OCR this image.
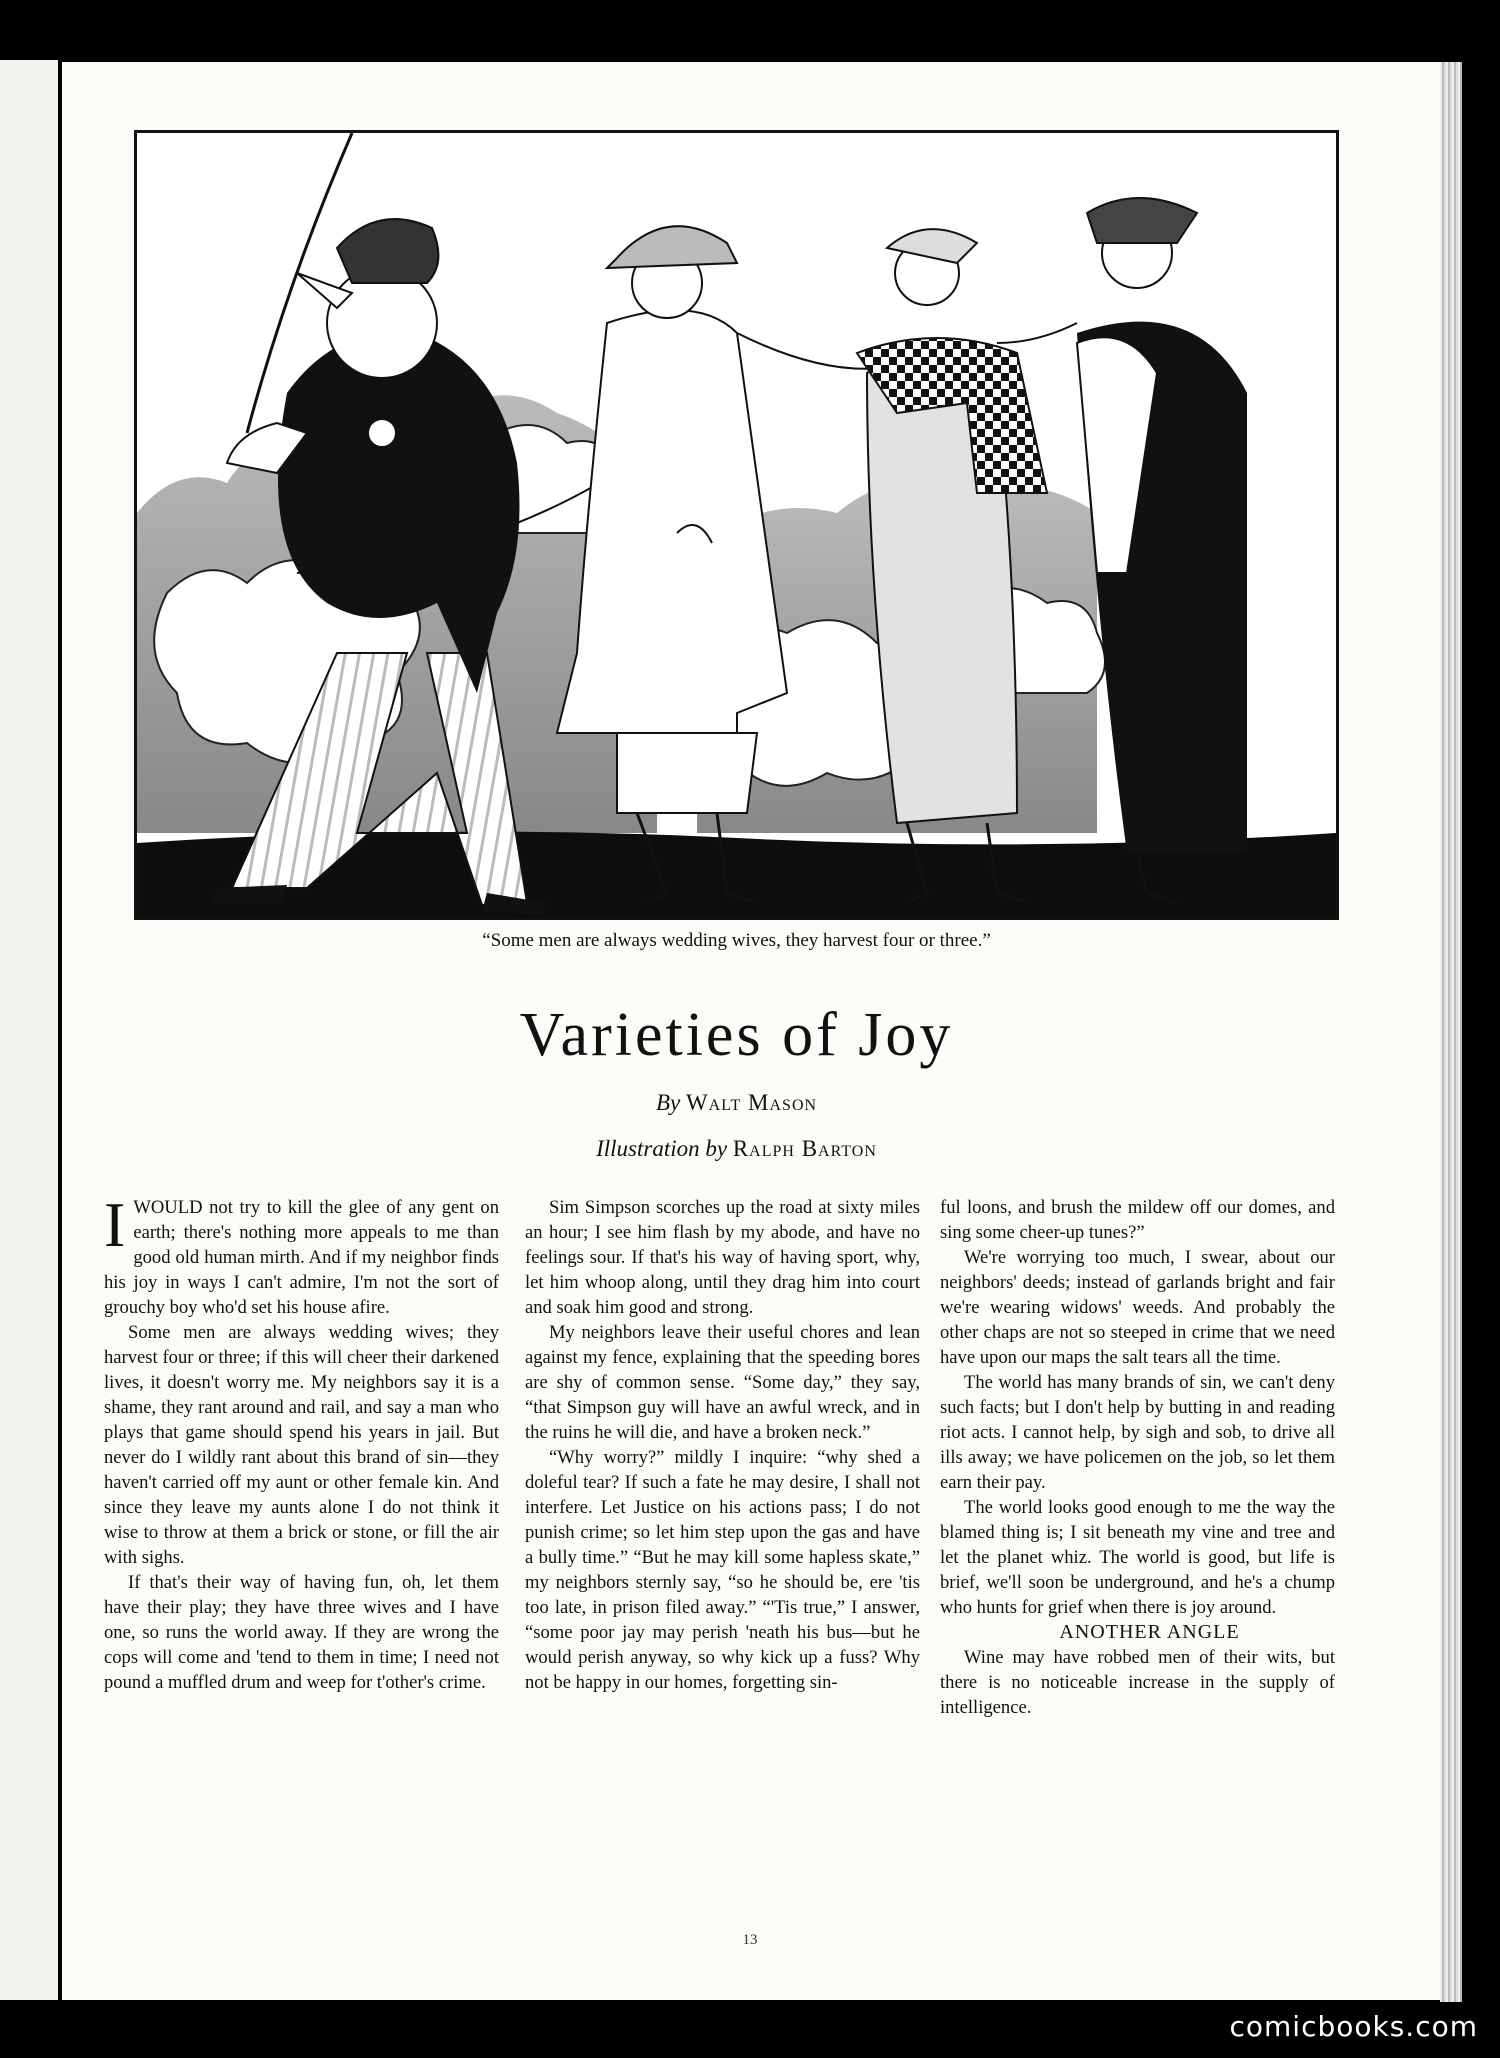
“Some men are always wedding wives, they harvest four or three.”
Varieties of Joy
By Walt Mason
Illustration by Ralph Barton

IWOULD not try to kill the glee of any gent on earth; there's nothing more appeals to me than good old human mirth. And if my neighbor finds his joy in ways I can't admire, I'm not the sort of grouchy boy who'd set his house afire.

Some men are always wedding wives; they harvest four or three; if this will cheer their darkened lives, it doesn't worry me. My neighbors say it is a shame, they rant around and rail, and say a man who plays that game should spend his years in jail. But never do I wildly rant about this brand of sin—they haven't carried off my aunt or other female kin. And since they leave my aunts alone I do not think it wise to throw at them a brick or stone, or fill the air with sighs.

If that's their way of having fun, oh, let them have their play; they have three wives and I have one, so runs the world away. If they are wrong the cops will come and 'tend to them in time; I need not pound a muffled drum and weep for t'other's crime.

Sim Simpson scorches up the road at sixty miles an hour; I see him flash by my abode, and have no feelings sour. If that's his way of having sport, why, let him whoop along, until they drag him into court and soak him good and strong.

My neighbors leave their useful chores and lean against my fence, explaining that the speeding bores are shy of common sense. “Some day,” they say, “that Simpson guy will have an awful wreck, and in the ruins he will die, and have a broken neck.”

“Why worry?” mildly I inquire: “why shed a doleful tear? If such a fate he may desire, I shall not interfere. Let Justice on his actions pass; I do not punish crime; so let him step upon the gas and have a bully time.” “But he may kill some hapless skate,” my neighbors sternly say, “so he should be, ere 'tis too late, in prison filed away.” “'Tis true,” I answer, “some poor jay may perish 'neath his bus—but he would perish anyway, so why kick up a fuss? Why not be happy in our homes, forgetting sin-

ful loons, and brush the mildew off our domes, and sing some cheer-up tunes?”

We're worrying too much, I swear, about our neighbors' deeds; instead of garlands bright and fair we're wearing widows' weeds. And probably the other chaps are not so steeped in crime that we need have upon our maps the salt tears all the time.

The world has many brands of sin, we can't deny such facts; but I don't help by butting in and reading riot acts. I cannot help, by sigh and sob, to drive all ills away; we have policemen on the job, so let them earn their pay.

The world looks good enough to me the way the blamed thing is; I sit beneath my vine and tree and let the planet whiz. The world is good, but life is brief, we'll soon be underground, and he's a chump who hunts for grief when there is joy around.

ANOTHER ANGLE

Wine may have robbed men of their wits, but there is no noticeable increase in the supply of intelligence.

13
comicbooks.com
